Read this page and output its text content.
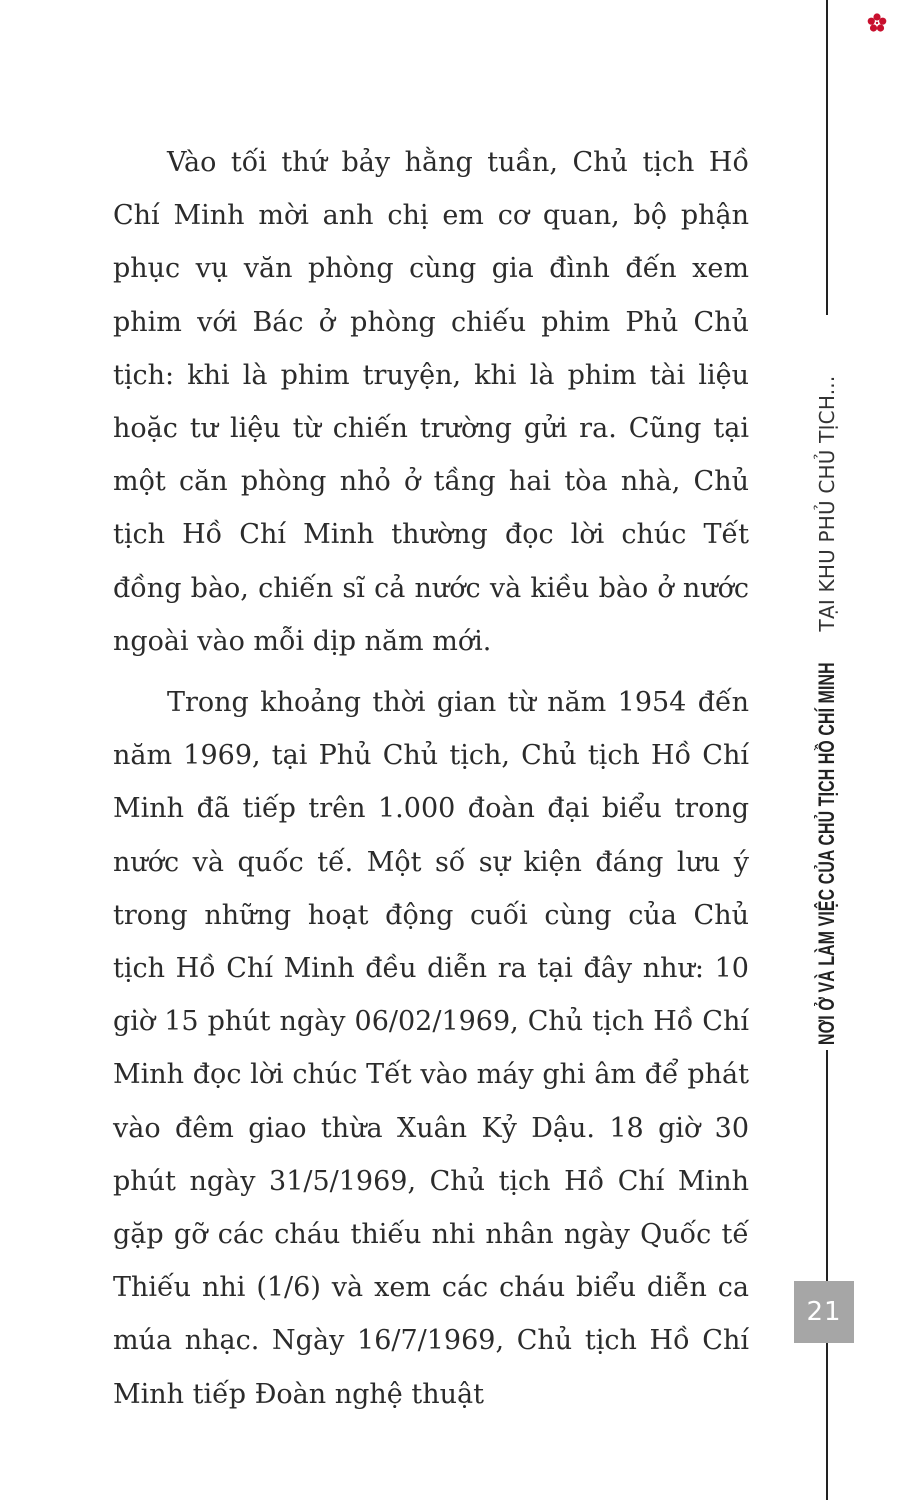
Vào tối thứ bảy hằng tuần, Chủ tịch Hồ Chí Minh mời anh chị em cơ quan, bộ phận phục vụ văn phòng cùng gia đình đến xem phim với Bác ở phòng chiếu phim Phủ Chủ tịch: khi là phim truyện, khi là phim tài liệu hoặc tư liệu từ chiến trường gửi ra. Cũng tại một căn phòng nhỏ ở tầng hai tòa nhà, Chủ tịch Hồ Chí Minh thường đọc lời chúc Tết đồng bào, chiến sĩ cả nước và kiều bào ở nước ngoài vào mỗi dịp năm mới.

Trong khoảng thời gian từ năm 1954 đến năm 1969, tại Phủ Chủ tịch, Chủ tịch Hồ Chí Minh đã tiếp trên 1.000 đoàn đại biểu trong nước và quốc tế. Một số sự kiện đáng lưu ý trong những hoạt động cuối cùng của Chủ tịch Hồ Chí Minh đều diễn ra tại đây như: 10 giờ 15 phút ngày 06/02/1969, Chủ tịch Hồ Chí Minh đọc lời chúc Tết vào máy ghi âm để phát vào đêm giao thừa Xuân Kỷ Dậu. 18 giờ 30 phút ngày 31/5/1969, Chủ tịch Hồ Chí Minh gặp gỡ các cháu thiếu nhi nhân ngày Quốc tế Thiếu nhi (1/6) và xem các cháu biểu diễn ca múa nhạc. Ngày 16/7/1969, Chủ tịch Hồ Chí Minh tiếp Đoàn nghệ thuật

NƠI Ở VÀ LÀM VIỆC CỦA CHỦ TỊCH HỒ CHÍ MINHTẠI KHU PHỦ CHỦ TỊCH...
21
